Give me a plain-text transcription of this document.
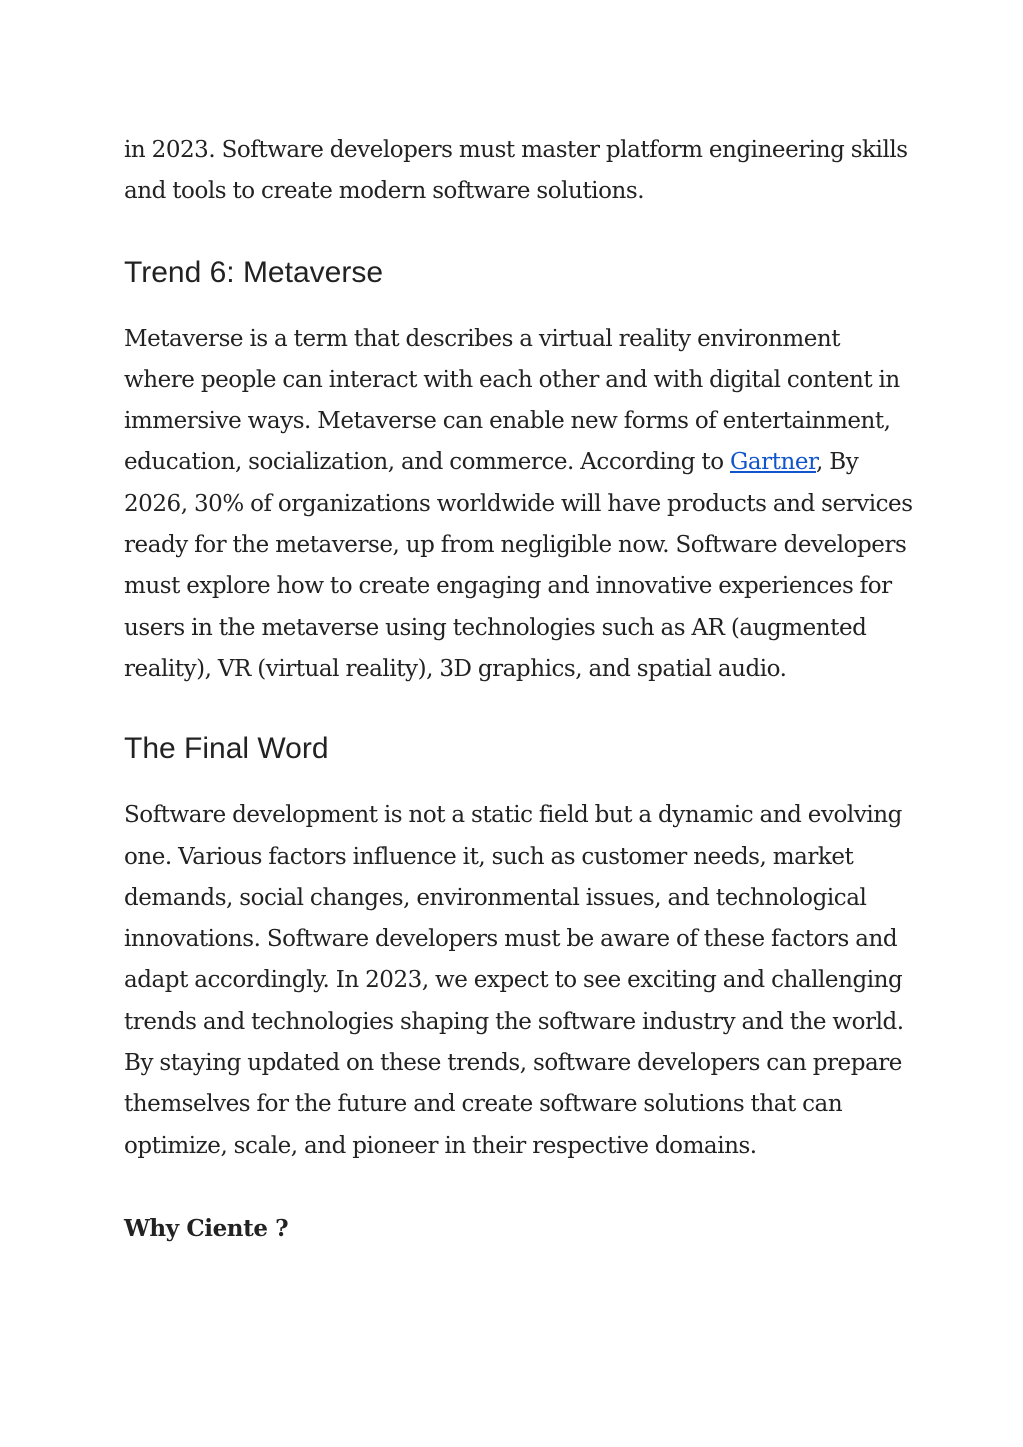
in 2023. Software developers must master platform engineering skills and tools to create modern software solutions.

Trend 6: Metaverse

Metaverse is a term that describes a virtual reality environment where people can interact with each other and with digital content in immersive ways. Metaverse can enable new forms of entertainment, education, socialization, and commerce. According to Gartner, By 2026, 30% of organizations worldwide will have products and services ready for the metaverse, up from negligible now. Software developers must explore how to create engaging and innovative experiences for users in the metaverse using technologies such as AR (augmented reality), VR (virtual reality), 3D graphics, and spatial audio.

The Final Word

Software development is not a static field but a dynamic and evolving one. Various factors influence it, such as customer needs, market demands, social changes, environmental issues, and technological innovations. Software developers must be aware of these factors and adapt accordingly. In 2023, we expect to see exciting and challenging trends and technologies shaping the software industry and the world. By staying updated on these trends, software developers can prepare themselves for the future and create software solutions that can optimize, scale, and pioneer in their respective domains.

Why Ciente ?
